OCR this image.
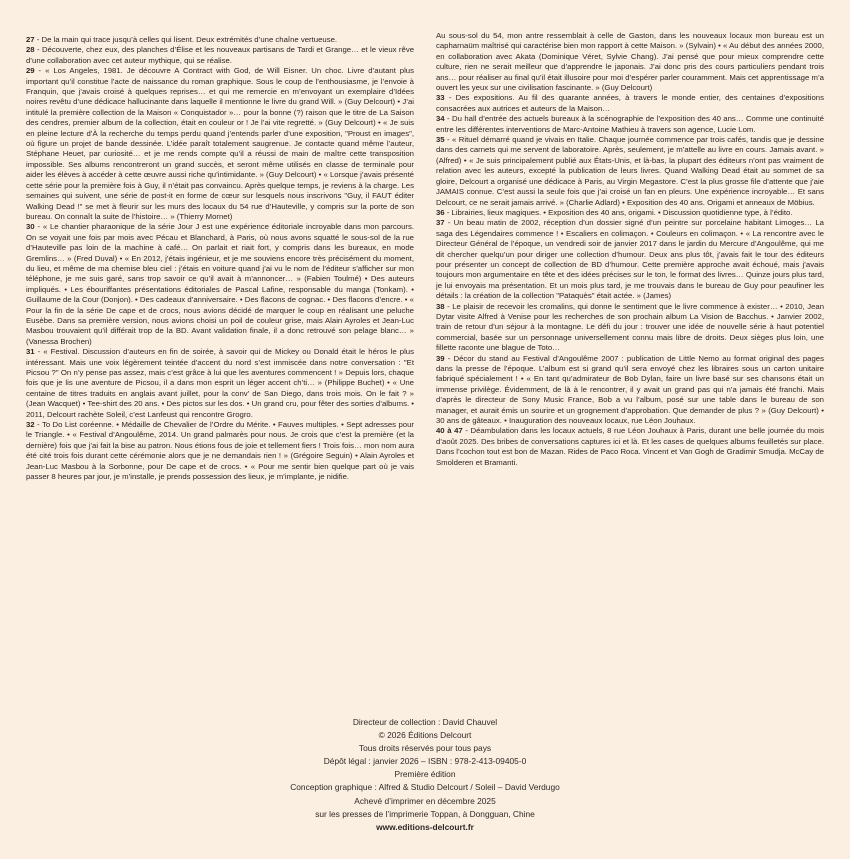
27 - De la main qui trace jusqu’à celles qui lisent. Deux extrémités d’une chaîne vertueuse.

28 - Découverte, chez eux, des planches d’Élise et les nouveaux partisans de Tardi et Grange… et le vieux rêve d’une collaboration avec cet auteur mythique, qui se réalise.

29 - « Los Angeles, 1981. Je découvre A Contract with God, de Will Eisner. Un choc. Livre d’autant plus important qu’il constitue l’acte de naissance du roman graphique. Sous le coup de l’enthousiasme, je l’envoie à Franquin, que j’avais croisé à quelques reprises… et qui me remercie en m’envoyant un exemplaire d’Idées noires revêtu d’une dédicace hallucinante dans laquelle il mentionne le livre du grand Will. » (Guy Delcourt) • J’ai intitulé la première collection de la Maison « Conquistador »… pour la bonne (?) raison que le titre de La Saison des cendres, premier album de la collection, était en couleur or ! Je l’ai vite regretté. » (Guy Delcourt) • « Je suis en pleine lecture d’À la recherche du temps perdu quand j’entends parler d’une exposition, "Proust en images", où figure un projet de bande dessinée. L’idée paraît totalement saugrenue. Je contacte quand même l’auteur, Stéphane Heuet, par curiosité… et je me rends compte qu’il a réussi de main de maître cette transposition impossible. Ses albums rencontreront un grand succès, et seront même utilisés en classe de terminale pour aider les élèves à accéder à cette œuvre aussi riche qu’intimidante. » (Guy Delcourt) • « Lorsque j’avais présenté cette série pour la première fois à Guy, il n’était pas convaincu. Après quelque temps, je reviens à la charge. Les semaines qui suivent, une série de post-it en forme de cœur sur lesquels nous inscrivons "Guy, il FAUT éditer Walking Dead !" se met à fleurir sur les murs des locaux du 54 rue d’Hauteville, y compris sur la porte de son bureau. On connaît la suite de l’histoire… » (Thierry Mornet)

30 - « Le chantier pharaonique de la série Jour J est une expérience éditoriale incroyable dans mon parcours. On se voyait une fois par mois avec Pécau et Blanchard, à Paris, où nous avons squatté le sous-sol de la rue d’Hauteville pas loin de la machine à café… On parlait et riait fort, y compris dans les bureaux, en mode Gremlins… » (Fred Duval) • « En 2012, j’étais ingénieur, et je me souviens encore très précisément du moment, du lieu, et même de ma chemise bleu ciel : j’étais en voiture quand j’ai vu le nom de l’éditeur s’afficher sur mon téléphone, je me suis garé, sans trop savoir ce qu’il avait à m’annoncer… » (Fabien Toulmé) • Des auteurs impliqués. • Les ébouriffantes présentations éditoriales de Pascal Lafine, responsable du manga (Tonkam). • Guillaume de la Cour (Donjon). • Des cadeaux d’anniversaire. • Des flacons de cognac. • Des flacons d’encre. • « Pour la fin de la série De cape et de crocs, nous avions décidé de marquer le coup en réalisant une peluche Eusèbe. Dans sa première version, nous avions choisi un poil de couleur grise, mais Alain Ayroles et Jean-Luc Masbou trouvaient qu’il différait trop de la BD. Avant validation finale, il a donc retrouvé son pelage blanc… » (Vanessa Brochen)

31 - « Festival. Discussion d’auteurs en fin de soirée, à savoir qui de Mickey ou Donald était le héros le plus intéressant. Mais une voix légèrement teintée d’accent du nord s’est immiscée dans notre conversation : "Et Picsou ?" On n’y pense pas assez, mais c’est grâce à lui que les aventures commencent ! » Depuis lors, chaque fois que je lis une aventure de Picsou, il a dans mon esprit un léger accent ch’ti… » (Philippe Buchet) • « Une centaine de titres traduits en anglais avant juillet, pour la conv’ de San Diego, dans trois mois. On le fait ? » (Jean Wacquet) • Tee-shirt des 20 ans. • Des pictos sur les dos. • Un grand cru, pour fêter des sorties d’albums. • 2011, Delcourt rachète Soleil, c’est Lanfeust qui rencontre Grogro.

32 - To Do List coréenne. • Médaille de Chevalier de l’Ordre du Mérite. • Fauves multiples. • Sept adresses pour le Triangle. • « Festival d’Angoulême, 2014. Un grand palmarès pour nous. Je crois que c’est la première (et la dernière) fois que j’ai fait la bise au patron. Nous étions fous de joie et tellement fiers ! Trois fois… mon nom aura été cité trois fois durant cette cérémonie alors que je ne demandais rien ! » (Grégoire Seguin) • Alain Ayroles et Jean-Luc Masbou à la Sorbonne, pour De cape et de crocs. • « Pour me sentir bien quelque part où je vais passer 8 heures par jour, je m’installe, je prends possession des lieux, je m’implante, je nidifie.

Au sous-sol du 54, mon antre ressemblait à celle de Gaston, dans les nouveaux locaux mon bureau est un capharnaüm maîtrisé qui caractérise bien mon rapport à cette Maison. » (Sylvain) • « Au début des années 2000, en collaboration avec Akata (Dominique Véret, Sylvie Chang). J’ai pensé que pour mieux comprendre cette culture, rien ne serait meilleur que d’apprendre le japonais. J’ai donc pris des cours particuliers pendant trois ans… pour réaliser au final qu’il était illusoire pour moi d’espérer parler couramment. Mais cet apprentissage m’a ouvert les yeux sur une civilisation fascinante. » (Guy Delcourt)

33 - Des expositions. Au fil des quarante années, à travers le monde entier, des centaines d’expositions consacrées aux autrices et auteurs de la Maison…

34 - Du hall d’entrée des actuels bureaux à la scénographie de l’exposition des 40 ans… Comme une continuité entre les différentes interventions de Marc-Antoine Mathieu à travers son agence, Lucie Lom.

35 - « Rituel démarré quand je vivais en Italie. Chaque journée commence par trois cafés, tandis que je dessine dans des carnets qui me servent de laboratoire. Après, seulement, je m’attelle au livre en cours. Jamais avant. » (Alfred) • « Je suis principalement publié aux États-Unis, et là-bas, la plupart des éditeurs n’ont pas vraiment de relation avec les auteurs, excepté la publication de leurs livres. Quand Walking Dead était au sommet de sa gloire, Delcourt a organisé une dédicace à Paris, au Virgin Megastore. C’est la plus grosse file d’attente que j’aie JAMAIS connue. C’est aussi la seule fois que j’ai croisé un fan en pleurs. Une expérience incroyable… Et sans Delcourt, ce ne serait jamais arrivé. » (Charlie Adlard) • Exposition des 40 ans. Origami et anneaux de Möbius.

36 - Librairies, lieux magiques. • Exposition des 40 ans, origami. • Discussion quotidienne type, à l’édito.

37 - Un beau matin de 2002, réception d’un dossier signé d’un peintre sur porcelaine habitant Limoges… La saga des Légendaires commence ! • Escaliers en colimaçon. • Couleurs en colimaçon. • « La rencontre avec le Directeur Général de l’époque, un vendredi soir de janvier 2017 dans le jardin du Mercure d’Angoulême, qui me dit chercher quelqu’un pour diriger une collection d’humour. Deux ans plus tôt, j’avais fait le tour des éditeurs pour présenter un concept de collection de BD d’humour. Cette première approche avait échoué, mais j’avais toujours mon argumentaire en tête et des idées précises sur le ton, le format des livres… Quinze jours plus tard, je lui envoyais ma présentation. Et un mois plus tard, je me trouvais dans le bureau de Guy pour peaufiner les détails : la création de la collection "Pataquès" était actée. » (James)

38 - Le plaisir de recevoir les cromalins, qui donne le sentiment que le livre commence à exister… • 2010, Jean Dytar visite Alfred à Venise pour les recherches de son prochain album La Vision de Bacchus. • Janvier 2002, train de retour d’un séjour à la montagne. Le défi du jour : trouver une idée de nouvelle série à haut potentiel commercial, basée sur un personnage universellement connu mais libre de droits. Deux sièges plus loin, une fillette raconte une blague de Toto…

39 - Décor du stand au Festival d’Angoulême 2007 : publication de Little Nemo au format original des pages dans la presse de l’époque. L’album est si grand qu’il sera envoyé chez les libraires sous un carton unitaire fabriqué spécialement ! • « En tant qu’admirateur de Bob Dylan, faire un livre basé sur ses chansons était un immense privilège. Évidemment, de là à le rencontrer, il y avait un grand pas qui n’a jamais été franchi. Mais d’après le directeur de Sony Music France, Bob a vu l’album, posé sur une table dans le bureau de son manager, et aurait émis un sourire et un grognement d’approbation. Que demander de plus ? » (Guy Delcourt) • 30 ans de gâteaux. • Inauguration des nouveaux locaux, rue Léon Jouhaux.

40 à 47 - Déambulation dans les locaux actuels, 8 rue Léon Jouhaux à Paris, durant une belle journée du mois d’août 2025. Des bribes de conversations captures ici et là. Et les cases de quelques albums feuilletés sur place. Dans l’cochon tout est bon de Mazan. Rides de Paco Roca. Vincent et Van Gogh de Gradimir Smudja. McCay de Smolderen et Bramanti.

Directeur de collection : David Chauvel
© 2026 Éditions Delcourt
Tous droits réservés pour tous pays
Dépôt légal : janvier 2026 – ISBN : 978-2-413-09405-0
Première édition
Conception graphique : Alfred & Studio Delcourt / Soleil – David Verdugo
Achevé d’imprimer en décembre 2025
sur les presses de l’imprimerie Toppan, à Dongguan, Chine
www.editions-delcourt.fr
